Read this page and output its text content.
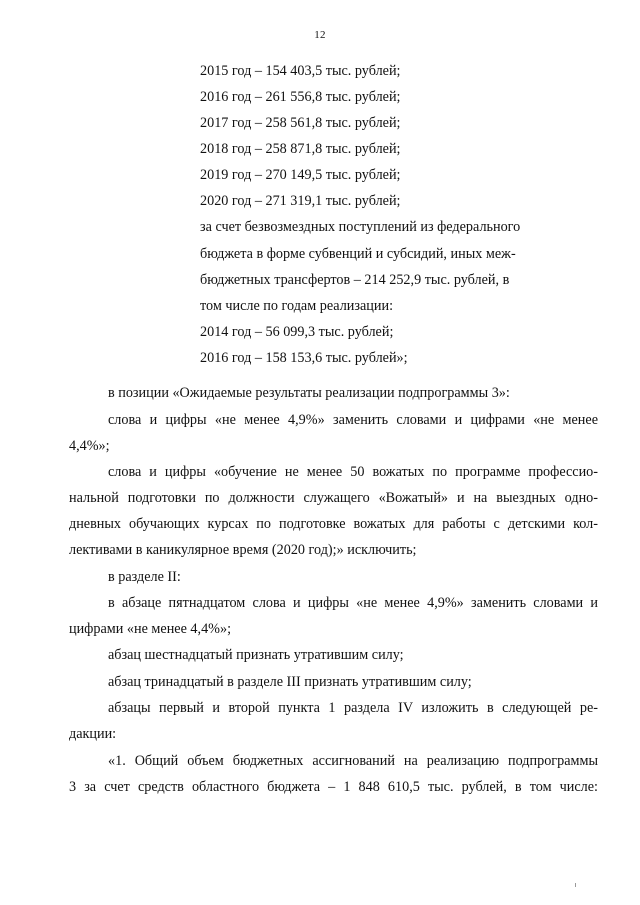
12
2015 год – 154 403,5 тыс. рублей;
2016 год – 261 556,8 тыс. рублей;
2017 год – 258 561,8 тыс. рублей;
2018 год – 258 871,8 тыс. рублей;
2019 год – 270 149,5 тыс. рублей;
2020 год – 271 319,1 тыс. рублей;
за счет безвозмездных поступлений из федерального
бюджета в форме субвенций и субсидий, иных меж-
бюджетных трансфертов – 214 252,9 тыс. рублей, в
том числе по годам реализации:
2014 год – 56 099,3 тыс. рублей;
2016 год – 158 153,6 тыс. рублей»;
в позиции «Ожидаемые результаты реализации подпрограммы 3»:
слова и цифры «не менее 4,9%» заменить словами и цифрами «не менее
4,4%»;
слова и цифры «обучение не менее 50 вожатых по программе профессио-
нальной подготовки по должности служащего «Вожатый» и на выездных одно-
дневных обучающих курсах по подготовке вожатых для работы с детскими кол-
лективами в каникулярное время (2020 год);» исключить;
в разделе II:
в абзаце пятнадцатом слова и цифры «не менее 4,9%» заменить словами и
цифрами «не менее 4,4%»;
абзац шестнадцатый признать утратившим силу;
абзац тринадцатый в разделе III признать утратившим силу;
абзацы первый и второй пункта 1 раздела IV изложить в следующей ре-
дакции:
«1. Общий объем бюджетных ассигнований на реализацию подпрограммы
3 за счет средств областного бюджета – 1 848 610,5 тыс. рублей, в том числе:
